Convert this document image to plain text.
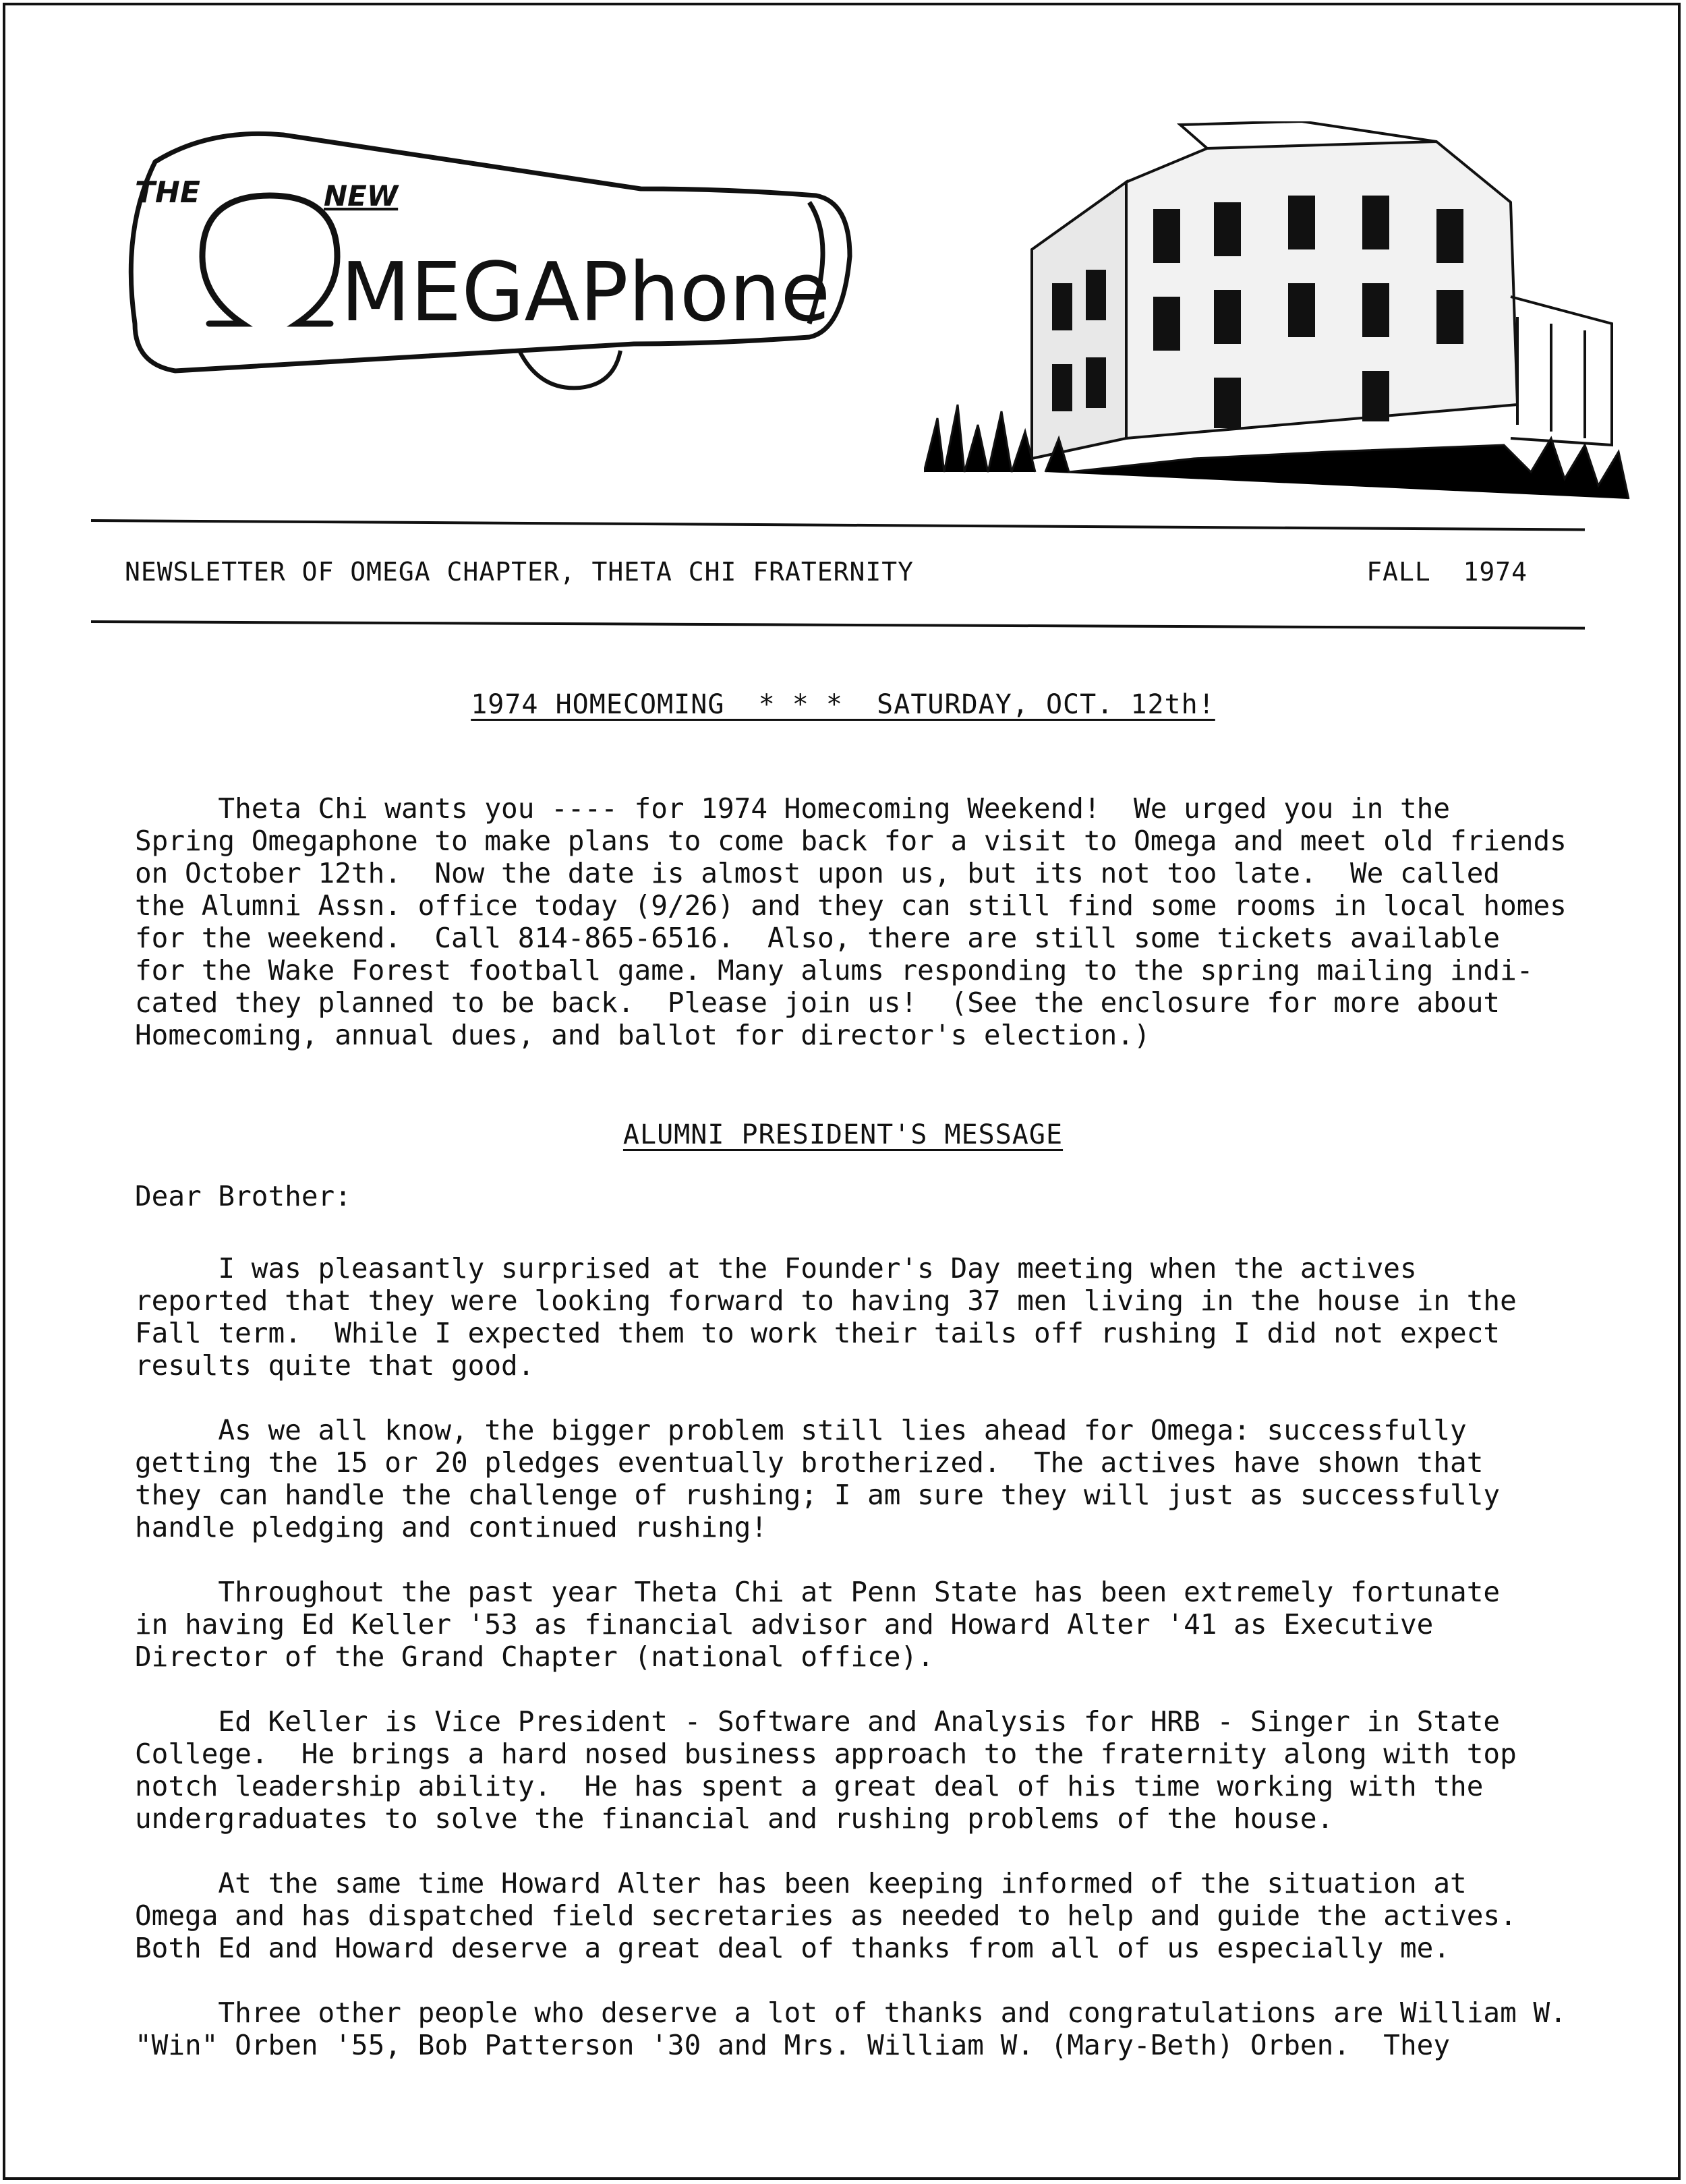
THE	NEW
MEGAPhone
NEWSLETTER OF OMEGA CHAPTER, THETA CHI FRATERNITY	FALL  1974
1974 HOMECOMING  * * *  SATURDAY, OCT. 12th!

Theta Chi wants you ---- for 1974 Homecoming Weekend!  We urged you in the
Spring Omegaphone to make plans to come back for a visit to Omega and meet old friends
on October 12th.  Now the date is almost upon us, but its not too late.  We called
the Alumni Assn. office today (9/26) and they can still find some rooms in local homes
for the weekend.  Call 814-865-6516.  Also, there are still some tickets available
for the Wake Forest football game. Many alums responding to the spring mailing indi-
cated they planned to be back.  Please join us!  (See the enclosure for more about
Homecoming, annual dues, and ballot for director's election.)

ALUMNI PRESIDENT'S MESSAGE
Dear Brother:

I was pleasantly surprised at the Founder's Day meeting when the actives
reported that they were looking forward to having 37 men living in the house in the
Fall term.  While I expected them to work their tails off rushing I did not expect
results quite that good.

As we all know, the bigger problem still lies ahead for Omega: successfully
getting the 15 or 20 pledges eventually brotherized.  The actives have shown that
they can handle the challenge of rushing; I am sure they will just as successfully
handle pledging and continued rushing!

Throughout the past year Theta Chi at Penn State has been extremely fortunate
in having Ed Keller '53 as financial advisor and Howard Alter '41 as Executive
Director of the Grand Chapter (national office).

Ed Keller is Vice President - Software and Analysis for HRB - Singer in State
College.  He brings a hard nosed business approach to the fraternity along with top
notch leadership ability.  He has spent a great deal of his time working with the
undergraduates to solve the financial and rushing problems of the house.

At the same time Howard Alter has been keeping informed of the situation at
Omega and has dispatched field secretaries as needed to help and guide the actives.
Both Ed and Howard deserve a great deal of thanks from all of us especially me.

Three other people who deserve a lot of thanks and congratulations are William W.
"Win" Orben '55, Bob Patterson '30 and Mrs. William W. (Mary-Beth) Orben.  They
